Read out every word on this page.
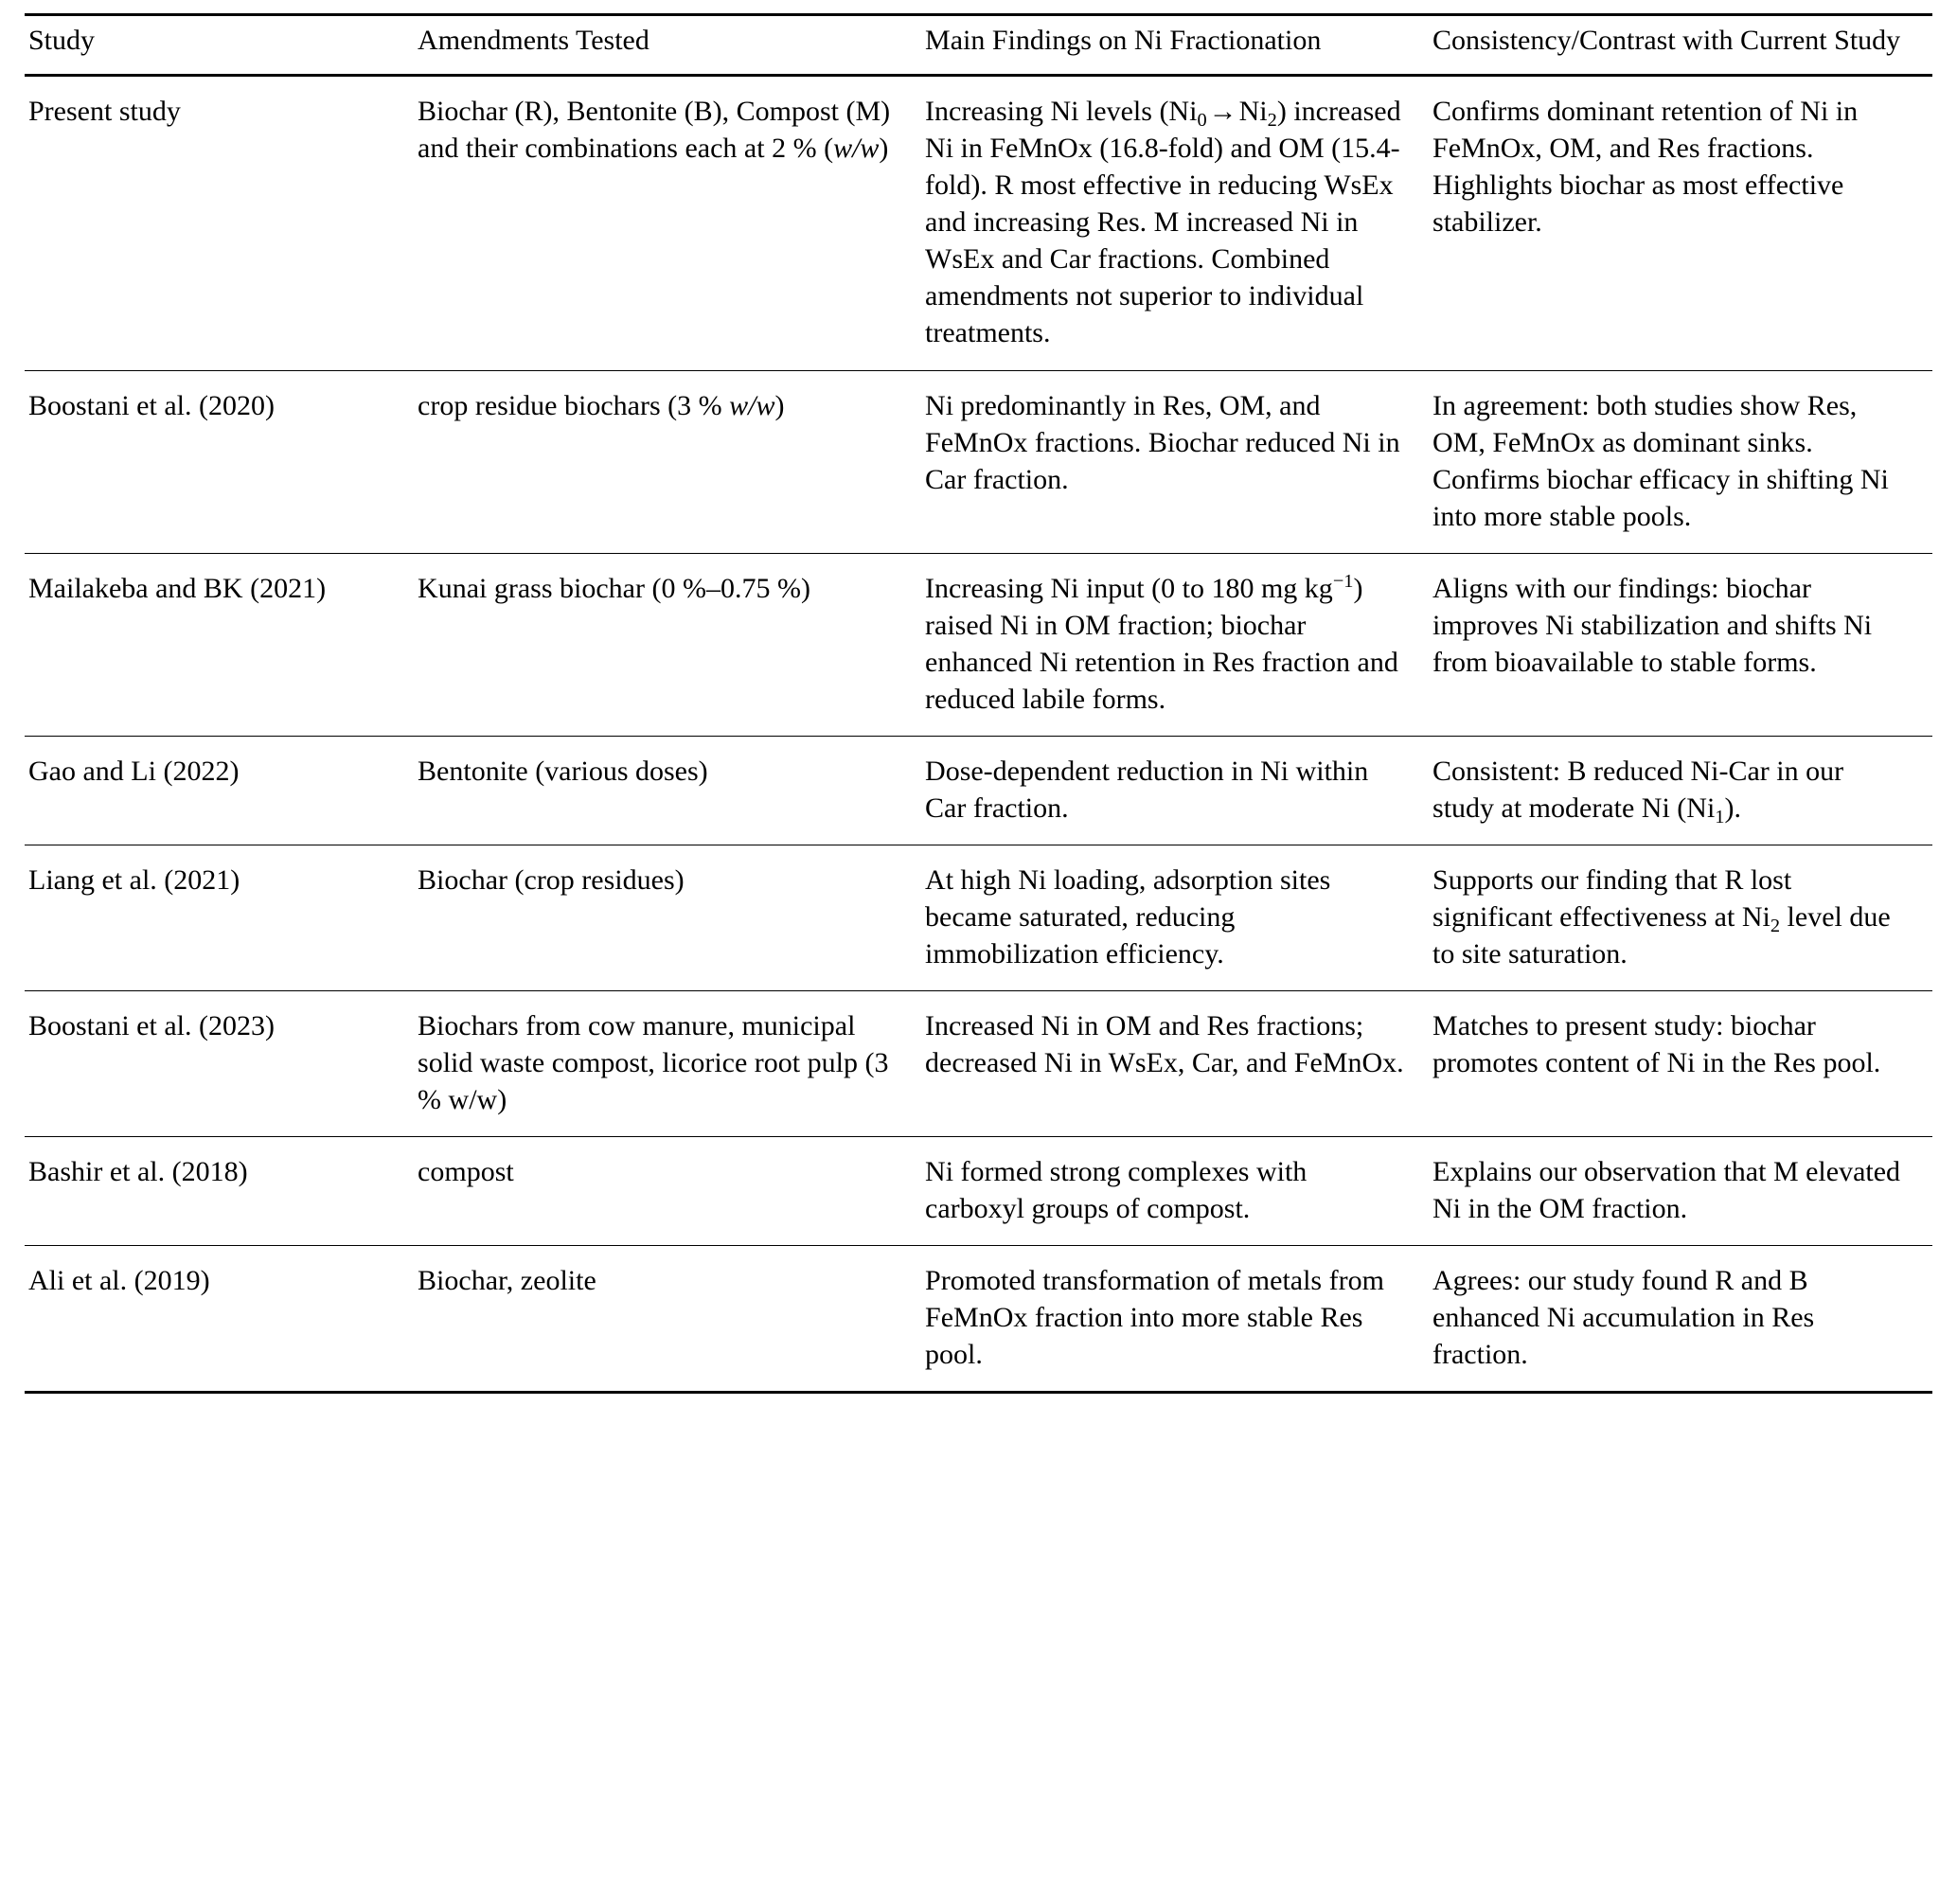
Study	Amendments Tested	Main Findings on Ni Fractionation	Consistency/Contrast with Current Study
Present study	Biochar (R), Bentonite (B), Compost (M) and their combinations each at 2 % (w/w)	Increasing Ni levels $(Ni_0\to Ni_2)$ increased Ni in FeMnOx (16.8-fold) and OM (15.4-fold). R most effective in reducing WsEx and increasing Res. M increased Ni in WsEx and Car fractions. Combined amendments not superior to individual treatments.	Confirms dominant retention of Ni in FeMnOx, OM, and Res fractions. Highlights biochar as most effective stabilizer.
Boostani et al. (2020)	crop residue biochars (3 % w/w)	Ni predominantly in Res, OM, and FeMnOx fractions. Biochar reduced Ni in Car fraction.	In agreement: both studies show Res, OM, FeMnOx as dominant sinks. Confirms biochar efficacy in shifting Ni into more stable pools.
Mailakeba and BK (2021)	Kunai grass biochar (0 %–0.75 %)	Increasing Ni input (0 to 180 mg $kg^{-1}$) raised Ni in OM fraction; biochar enhanced Ni retention in Res fraction and reduced labile forms.	Aligns with our findings: biochar improves Ni stabilization and shifts Ni from bioavailable to stable forms.
Gao and Li (2022)	Bentonite (various doses)	Dose-dependent reduction in Ni within Car fraction.	Consistent: B reduced Ni-Car in our study at moderate Ni $(Ni_1)$.
Liang et al. (2021)	Biochar (crop residues)	At high Ni loading, adsorption sites became saturated, reducing immobilization efficiency.	Supports our finding that R lost significant effectiveness at $Ni_2$ level due to site saturation.
Boostani et al. (2023)	Biochars from cow manure, municipal solid waste compost, licorice root pulp (3 % w/w)	Increased Ni in OM and Res fractions; decreased Ni in WsEx, Car, and FeMnOx.	Matches to present study: biochar promotes content of Ni in the Res pool.
Bashir et al. (2018)	compost	Ni formed strong complexes with carboxyl groups of compost.	Explains our observation that M elevated Ni in the OM fraction.
Ali et al. (2019)	Biochar, zeolite	Promoted transformation of metals from FeMnOx fraction into more stable Res pool.	Agrees: our study found R and B enhanced Ni accumulation in Res fraction.
